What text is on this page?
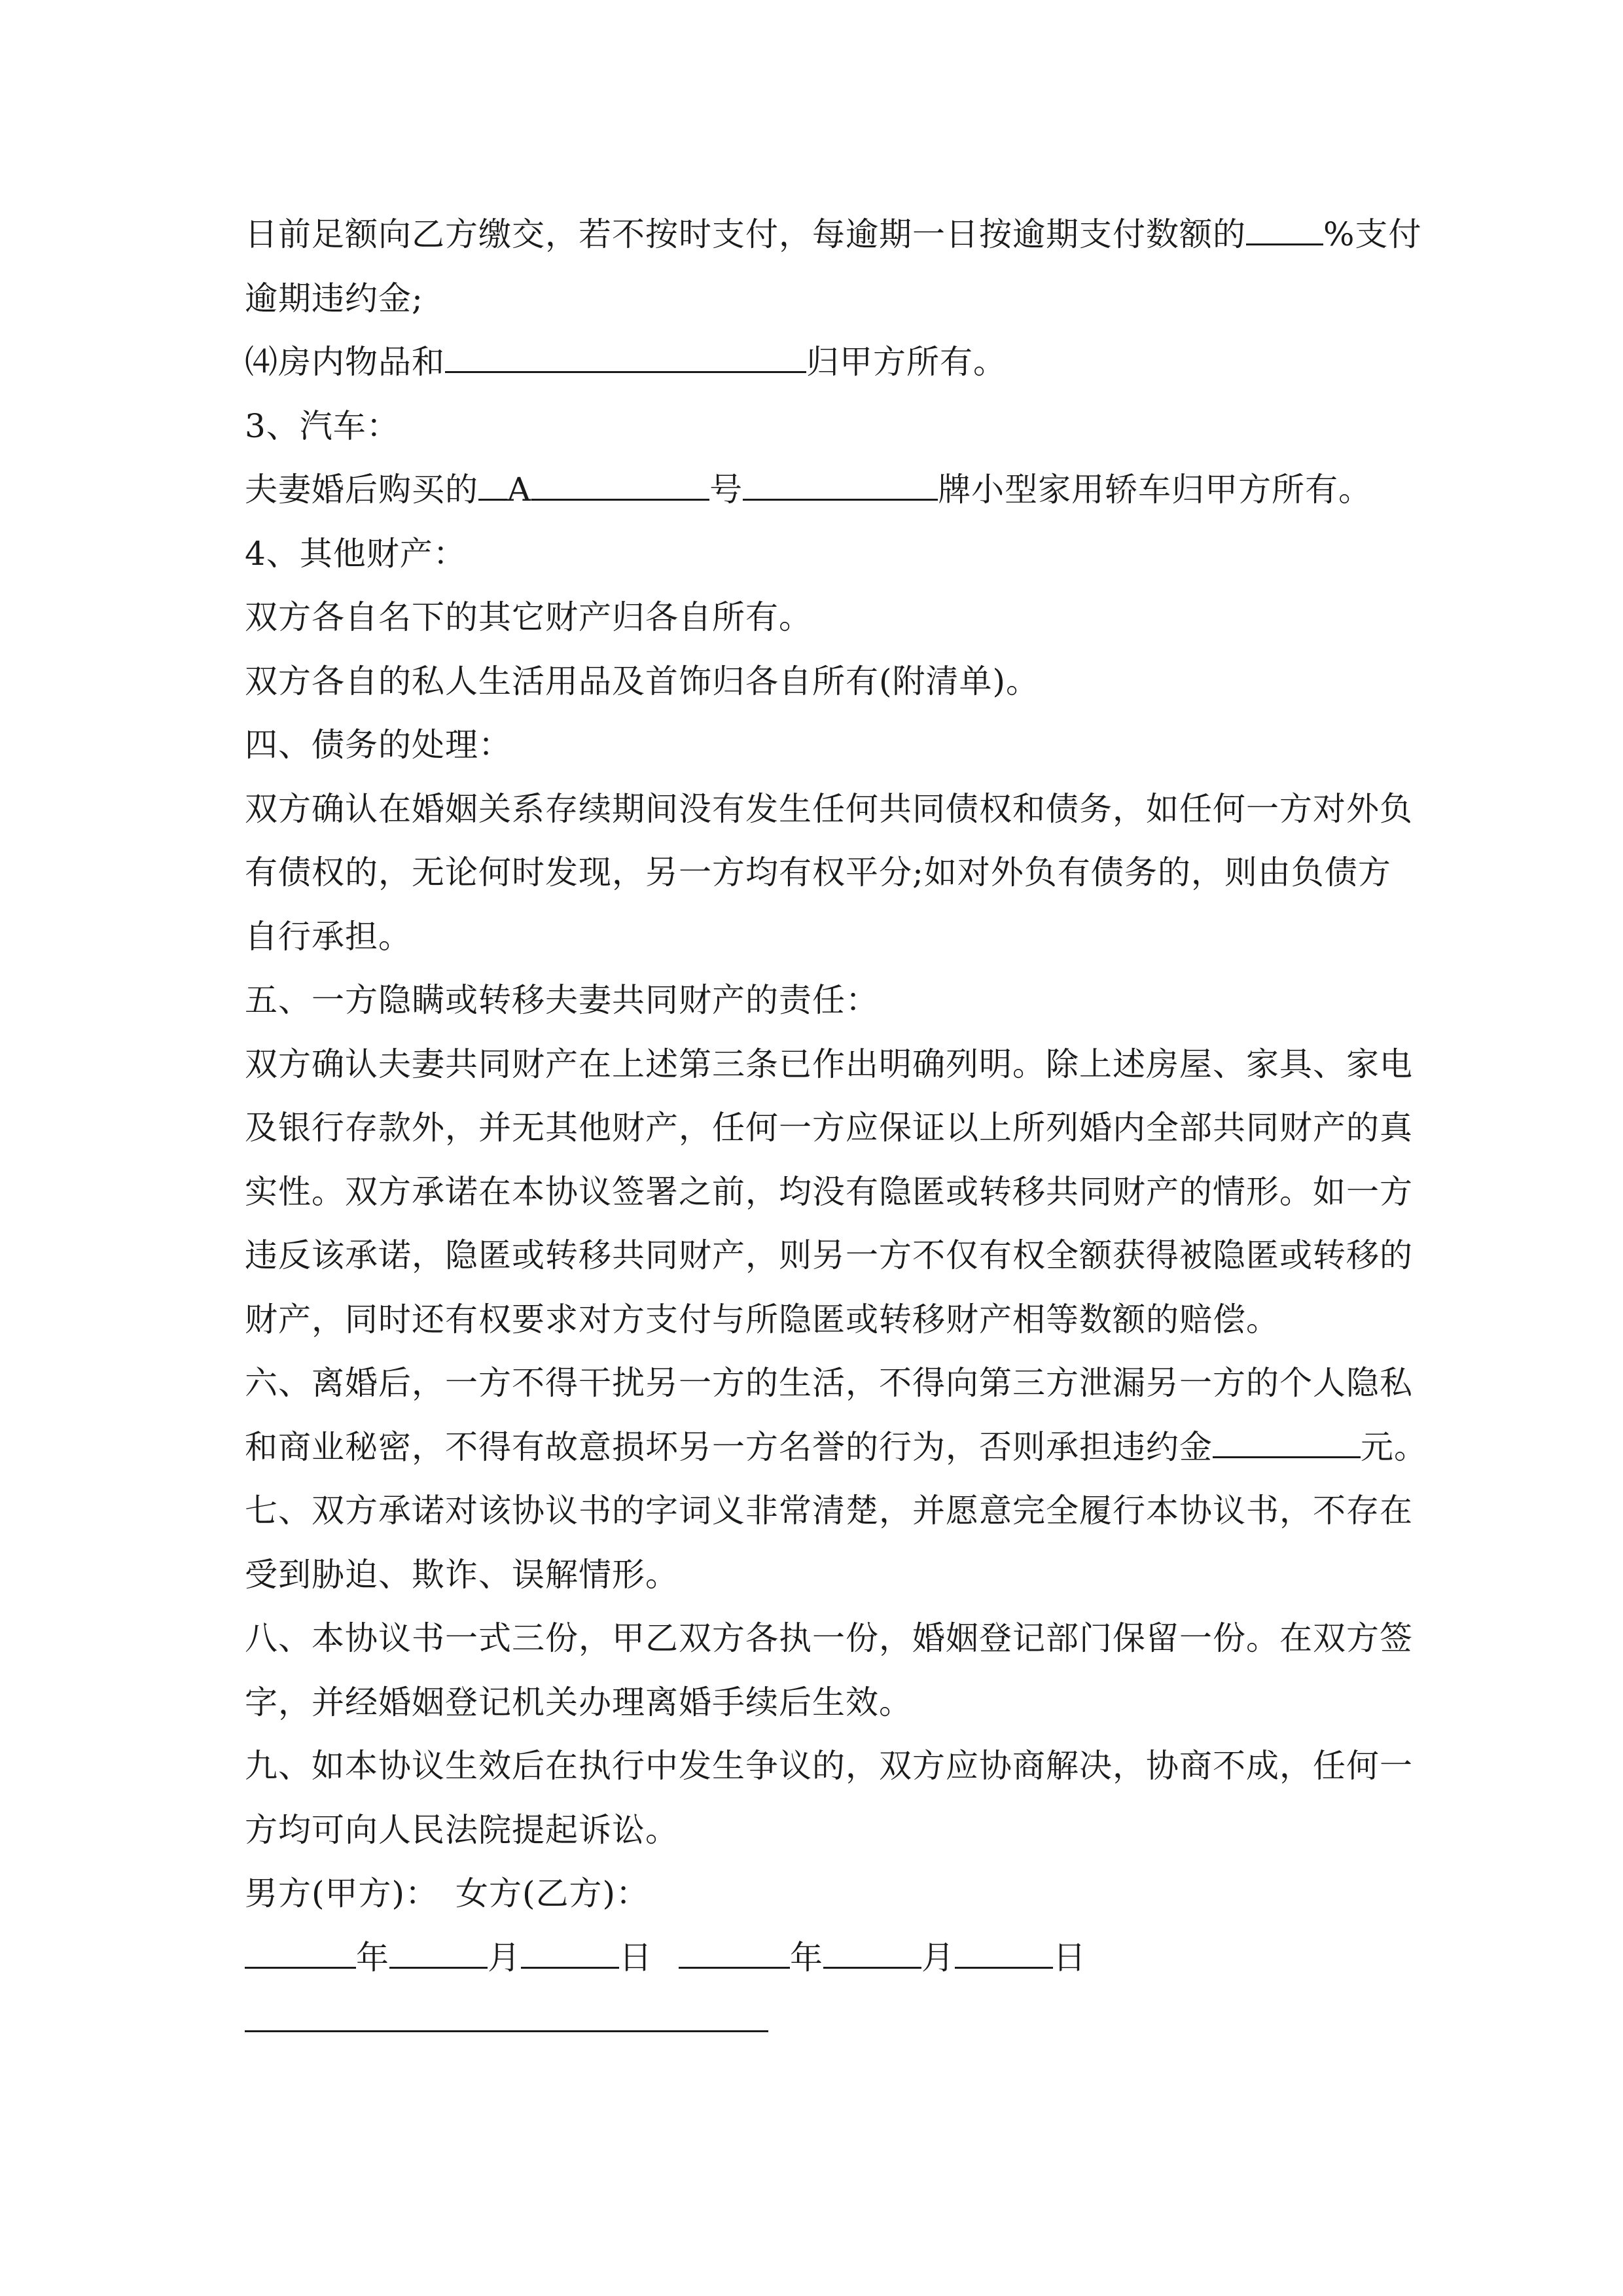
日前足额向乙方缴交，若不按时支付，每逾期一日按逾期支付数额的 %支付
逾期违约金;
⑷房内物品和	归甲方所有。
3、汽车：
夫妻婚后购买的 A	号	牌小型家用轿车归甲方所有。
4、其他财产：
双方各自名下的其它财产归各自所有。
双方各自的私人生活用品及首饰归各自所有(附清单)。
四、债务的处理：
双方确认在婚姻关系存续期间没有发生任何共同债权和债务，如任何一方对外负
有债权的，无论何时发现，另一方均有权平分;如对外负有债务的，则由负债方
自行承担。
五、一方隐瞒或转移夫妻共同财产的责任：
双方确认夫妻共同财产在上述第三条已作出明确列明。除上述房屋、家具、家电
及银行存款外，并无其他财产，任何一方应保证以上所列婚内全部共同财产的真
实性。双方承诺在本协议签署之前，均没有隐匿或转移共同财产的情形。如一方
违反该承诺，隐匿或转移共同财产，则另一方不仅有权全额获得被隐匿或转移的
财产，同时还有权要求对方支付与所隐匿或转移财产相等数额的赔偿。
六、离婚后，一方不得干扰另一方的生活，不得向第三方泄漏另一方的个人隐私
和商业秘密，不得有故意损坏另一方名誉的行为，否则承担违约金	元。
七、双方承诺对该协议书的字词义非常清楚，并愿意完全履行本协议书，不存在
受到胁迫、欺诈、误解情形。
八、本协议书一式三份，甲乙双方各执一份，婚姻登记部门保留一份。在双方签
字，并经婚姻登记机关办理离婚手续后生效。
九、如本协议生效后在执行中发生争议的，双方应协商解决，协商不成，任何一
方均可向人民法院提起诉讼。
男方(甲方)：　女方(乙方)：
年	月	日	年	月	日
